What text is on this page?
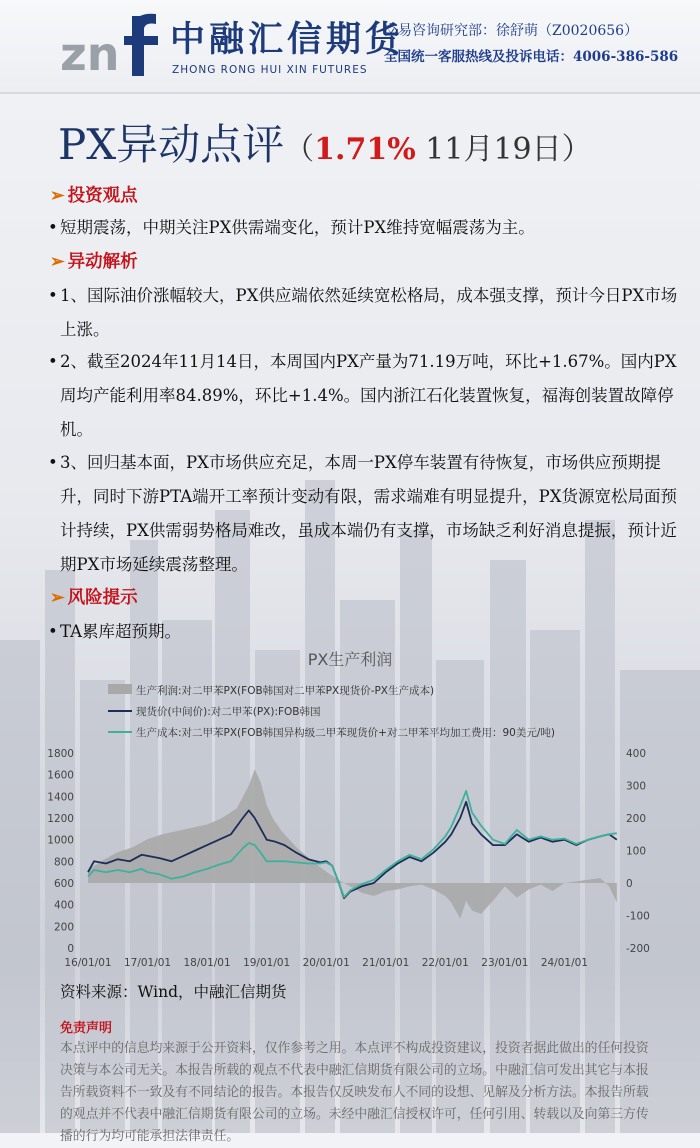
zn 中融汇信期货
ZHONG RONG HUI XIN FUTURES
交易咨询研究部：徐舒萌（Z0020656）
全国统一客服热线及投诉电话：4006-386-586
PX异动点评（1.71% 11月19日）
➢ 投资观点
• 短期震荡，中期关注PX供需端变化，预计PX维持宽幅震荡为主。
➢ 异动解析
• 1、国际油价涨幅较大，PX供应端依然延续宽松格局，成本强支撑，预计今日PX市场上涨。
• 2、截至2024年11月14日，本周国内PX产量为71.19万吨，环比+1.67%。国内PX周均产能利用率84.89%，环比+1.4%。国内浙江石化装置恢复，福海创装置故障停机。
• 3、回归基本面，PX市场供应充足，本周一PX停车装置有待恢复，市场供应预期提升，同时下游PTA端开工率预计变动有限，需求端难有明显提升，PX货源宽松局面预计持续，PX供需弱势格局难改，虽成本端仍有支撑，市场缺乏利好消息提振，预计近期PX市场延续震荡整理。
➢ 风险提示
• TA累库超预期。
PX生产利润
生产利润:对二甲苯PX(FOB韩国对二甲苯PX现货价-PX生产成本)
现货价(中间价):对二甲苯(PX):FOB韩国
生产成本:对二甲苯PX(FOB韩国异构级二甲苯现货价+对二甲苯平均加工费用：90美元/吨)
0
200
400
600
800
1000
1200
1400
1600
1800
-200
-100
0
100
200
300
400
16/01/01 17/01/01 18/01/01 19/01/01 20/01/01 21/01/01 22/01/01 23/01/01 24/01/01
资料来源：Wind，中融汇信期货
免责声明
本点评中的信息均来源于公开资料，仅作参考之用。本点评不构成投资建议，投资者据此做出的任何投资决策与本公司无关。本报告所载的观点不代表中融汇信期货有限公司的立场。中融汇信可发出其它与本报告所载资料不一致及有不同结论的报告。本报告仅反映发布人不同的设想、见解及分析方法。本报告所载的观点并不代表中融汇信期货有限公司的立场。未经中融汇信授权许可，任何引用、转载以及向第三方传播的行为均可能承担法律责任。
